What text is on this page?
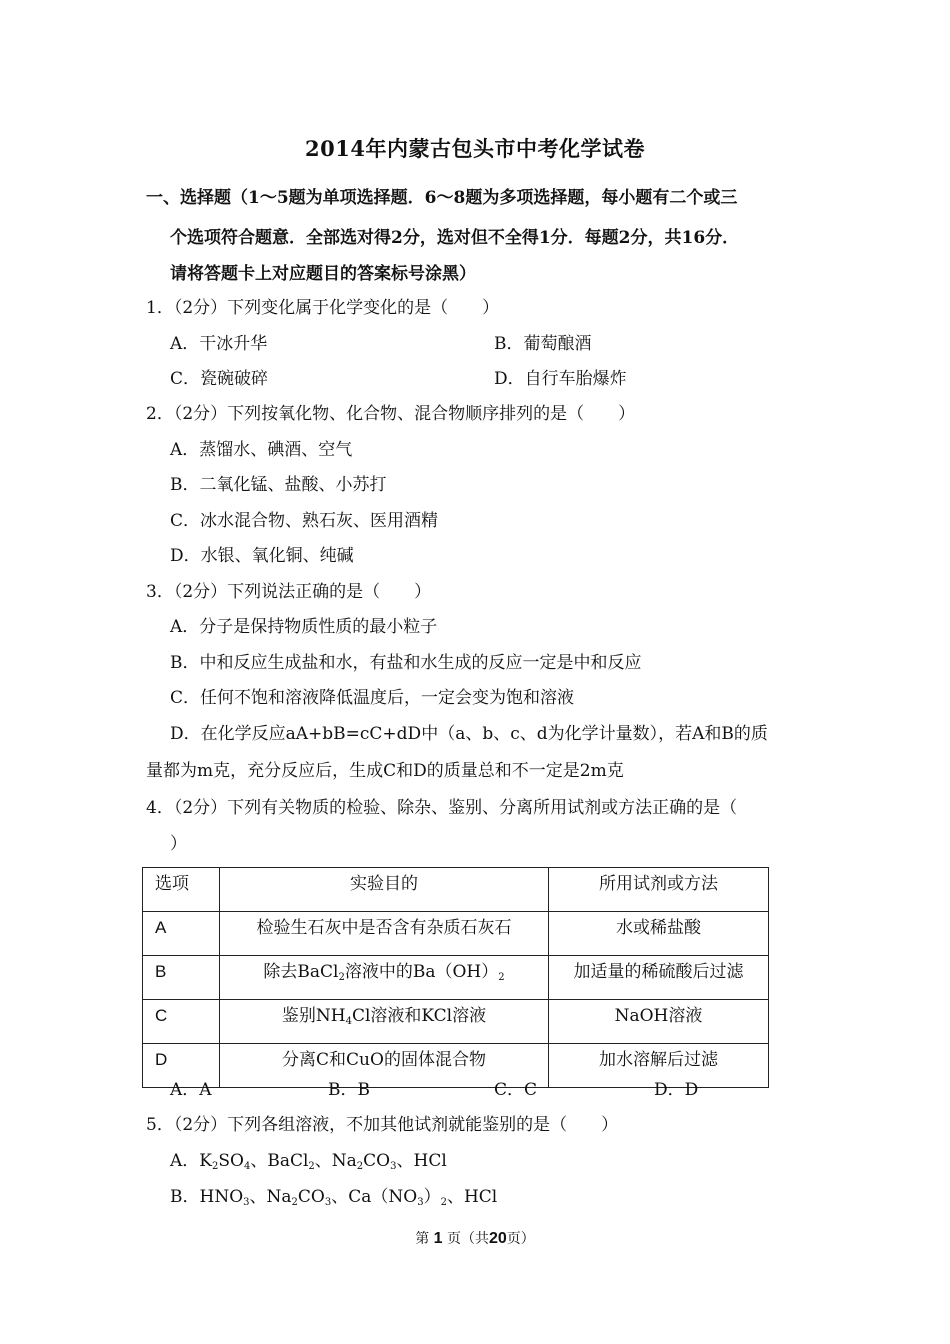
2014年内蒙古包头市中考化学试卷
一、选择题（1～5题为单项选择题．6～8题为多项选择题，每小题有二个或三
个选项符合题意．全部选对得2分，选对但不全得1分．每题2分，共16分．
请将答题卡上对应题目的答案标号涂黑）
1．（2分）下列变化属于化学变化的是（　　）
A．干冰升华	B．葡萄酿酒
C．瓷碗破碎	D．自行车胎爆炸
2．（2分）下列按氧化物、化合物、混合物顺序排列的是（　　）
A．蒸馏水、碘酒、空气
B．二氧化锰、盐酸、小苏打
C．冰水混合物、熟石灰、医用酒精
D．水银、氧化铜、纯碱
3．（2分）下列说法正确的是（　　）
A．分子是保持物质性质的最小粒子
B．中和反应生成盐和水，有盐和水生成的反应一定是中和反应
C．任何不饱和溶液降低温度后，一定会变为饱和溶液
D．在化学反应aA+bB=cC+dD中（a、b、c、d为化学计量数），若A和B的质
量都为m克，充分反应后，生成C和D的质量总和不一定是2m克
4．（2分）下列有关物质的检验、除杂、鉴别、分离所用试剂或方法正确的是（
）
选项	实验目的	所用试剂或方法
A	检验生石灰中是否含有杂质石灰石	水或稀盐酸
B	除去BaCl$_2$溶液中的$Ba(OH)_2$	加适量的稀硫酸后过滤
C	鉴别$NH_4Cl$溶液和KCl溶液	NaOH溶液
D	分离C和CuO的固体混合物	加水溶解后过滤
A．A	B．B	C．C	D．D
5．（2分）下列各组溶液，不加其他试剂就能鉴别的是（　　）
A．$K_2SO_4$、BaCl$_2$、$Na_2CO_3$、HCl
B．$HNO_3$、$Na_2CO_3$、$Ca(NO_3)_2$、HCl
第 1 页（共20页）
